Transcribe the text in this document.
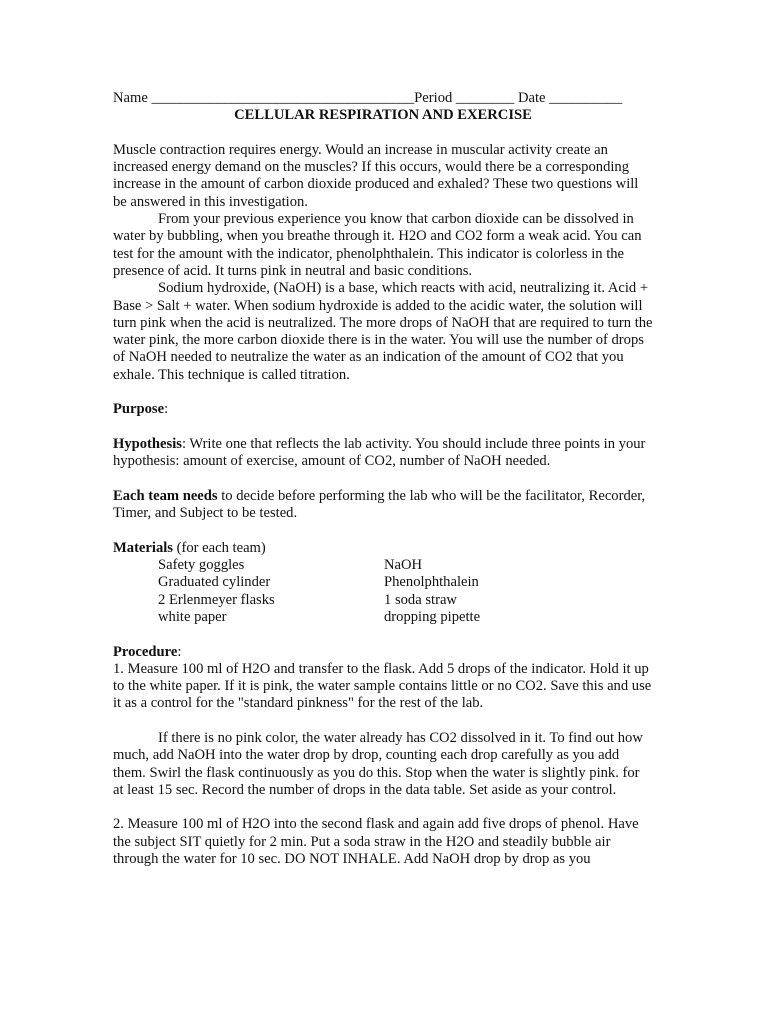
Name ____________________________________Period ________ Date __________

CELLULAR RESPIRATION AND EXERCISE

Muscle contraction requires energy. Would an increase in muscular activity create an increased energy demand on the muscles? If this occurs, would there be a corresponding increase in the amount of carbon dioxide produced and exhaled? These two questions will be answered in this investigation.

From your previous experience you know that carbon dioxide can be dissolved in water by bubbling, when you breathe through it. H2O and CO2 form a weak acid. You can test for the amount with the indicator, phenolphthalein. This indicator is colorless in the presence of acid. It turns pink in neutral and basic conditions.

Sodium hydroxide, (NaOH) is a base, which reacts with acid, neutralizing it. Acid + Base > Salt + water. When sodium hydroxide is added to the acidic water, the solution will turn pink when the acid is neutralized. The more drops of NaOH that are required to turn the water pink, the more carbon dioxide there is in the water. You will use the number of drops of NaOH needed to neutralize the water as an indication of the amount of CO2 that you exhale. This technique is called titration.

Purpose:

Hypothesis: Write one that reflects the lab activity. You should include three points in your hypothesis: amount of exercise, amount of CO2, number of NaOH needed.

Each team needs to decide before performing the lab who will be the facilitator, Recorder, Timer, and Subject to be tested.

Materials (for each team)

Safety goggles	NaOH
Graduated cylinder	Phenolphthalein
2 Erlenmeyer flasks	1 soda straw
white paper	dropping pipette

Procedure:

1. Measure 100 ml of H2O and transfer to the flask. Add 5 drops of the indicator. Hold it up to the white paper. If it is pink, the water sample contains little or no CO2. Save this and use it as a control for the "standard pinkness" for the rest of the lab.

If there is no pink color, the water already has CO2 dissolved in it. To find out how much, add NaOH into the water drop by drop, counting each drop carefully as you add them. Swirl the flask continuously as you do this. Stop when the water is slightly pink. for at least 15 sec. Record the number of drops in the data table. Set aside as your control.

2. Measure 100 ml of H2O into the second flask and again add five drops of phenol. Have the subject SIT quietly for 2 min. Put a soda straw in the H2O and steadily bubble air through the water for 10 sec. DO NOT INHALE. Add NaOH drop by drop as you
